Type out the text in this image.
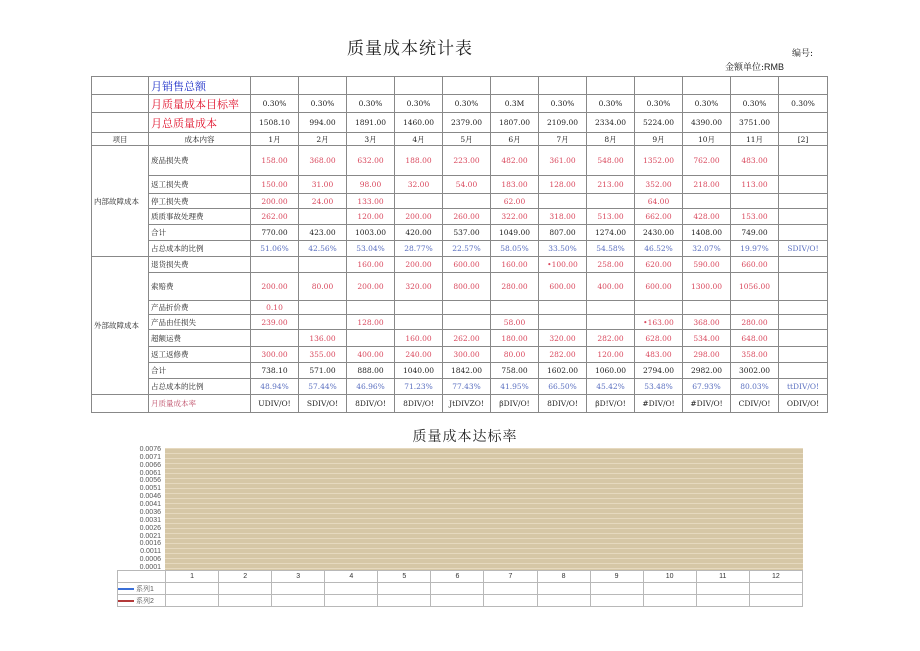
质量成本统计表	编号:
金额单位:RMB
	月销售总额												
	月质量成本目标率	0.30%	0.30%	0.30%	0.30%	0.30%	0.3M	0.30%	0.30%	0.30%	0.30%	0.30%	0.30%
	月总质量成本	1508.10	994.00	1891.00	1460.00	2379.00	1807.00	2109.00	2334.00	5224.00	4390.00	3751.00	
项目	成本内容	1月	2月	3月	4月	5月	6月	7月	8月	9月	10月	11月	[2]
内部故障成本	废品损失费	158.00	368.00	632.00	188.00	223.00	482.00	361.00	548.00	1352.00	762.00	483.00	
	返工损失费	150.00	31.00	98.00	32.00	54.00	183.00	128.00	213.00	352.00	218.00	113.00	
	停工损失费	200.00	24.00	133.00			62.00			64.00			
	质质事故处理费	262.00		120.00	200.00	260.00	322.00	318.00	513.00	662.00	428.00	153.00	
	合计	770.00	423.00	1003.00	420.00	537.00	1049.00	807.00	1274.00	2430.00	1408.00	749.00	
	占总成本的比例	51.06%	42.56%	53.04%	28.77%	22.57%	58.05%	33.50%	54.58%	46.52%	32.07%	19.97%	SDIV/O!
外部故障成本	退货损失费			160.00	200.00	600.00	160.00	•100.00	258.00	620.00	590.00	660.00	
	索赔费	200.00	80.00	200.00	320.00	800.00	280.00	600.00	400.00	600.00	1300.00	1056.00	
	产品折价费	0.10											
	产品由任损失	239.00		128.00			58.00			•163.00	368.00	280.00	
	超额运费		136.00		160.00	262.00	180.00	320.00	282.00	628.00	534.00	648.00	
	返工返修费	300.00	355.00	400.00	240.00	300.00	80.00	282.00	120.00	483.00	298.00	358.00	
	合计	738.10	571.00	888.00	1040.00	1842.00	758.00	1602.00	1060.00	2794.00	2982.00	3002.00	
	占总成本的比例	48.94%	57.44%	46.96%	71.23%	77.43%	41.95%	66.50%	45.42%	53.48%	67.93%	80.03%	ttDIV/O!
	月质量成本率	UDIV/O!	SDIV/O!	8DIV/O!	8DIV/O!	JtDIVZO!	βDIV/O!	8DIV/O!	βD!V/O!	#DIV/O!	#DIV/O!	CDIV/O!	ODIV/O!
质量成本达标率
0.0076
0.0071
0.0066
0.0061
0.0056
0.0051
0.0046
0.0041
0.0036
0.0031
0.0026
0.0021
0.0016
0.0011
0.0006
0.0001
	1	2	3	4	5	6	7	8	9	10	11	12
系列1												
系列2												
